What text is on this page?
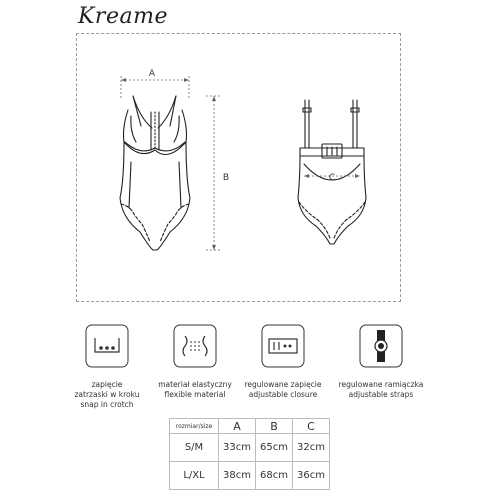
Kreame
A
B	C
zapięcie
zatrzaski w kroku
snap in crotch
materiał elastyczny
flexible material
regulowane zapięcie
adjustable closure
regulowane ramiączka
adjustable straps
rozmiar/size	A	B	C
S/M	33cm	65cm	32cm
L/XL	38cm	68cm	36cm
